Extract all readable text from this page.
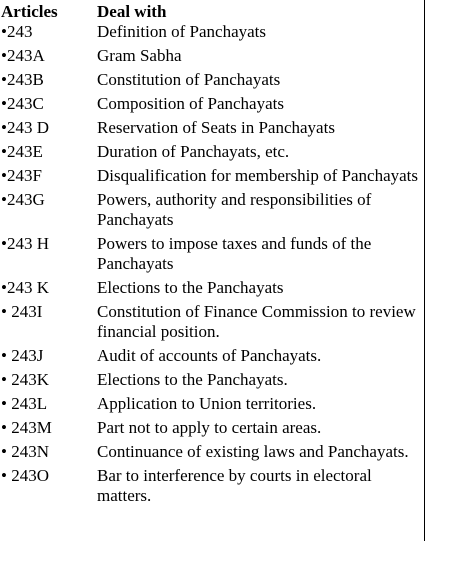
Articles	Deal with
•243	Definition of Panchayats
•243A	Gram Sabha
•243B	Constitution of Panchayats
•243C	Composition of Panchayats
•243 D	Reservation of Seats in Panchayats
•243E	Duration of Panchayats, etc.
•243F	Disqualification for membership of Panchayats
•243G	Powers, authority and responsibilities of Panchayats
•243 H	Powers to impose taxes and funds of the Panchayats
•243 K	Elections to the Panchayats
• 243I	Constitution of Finance Commission to review financial position.
• 243J	Audit of accounts of Panchayats.
• 243K	Elections to the Panchayats.
• 243L	Application to Union territories.
• 243M	Part not to apply to certain areas.
• 243N	Continuance of existing laws and Panchayats.
• 243O	Bar to interference by courts in electoral matters.
